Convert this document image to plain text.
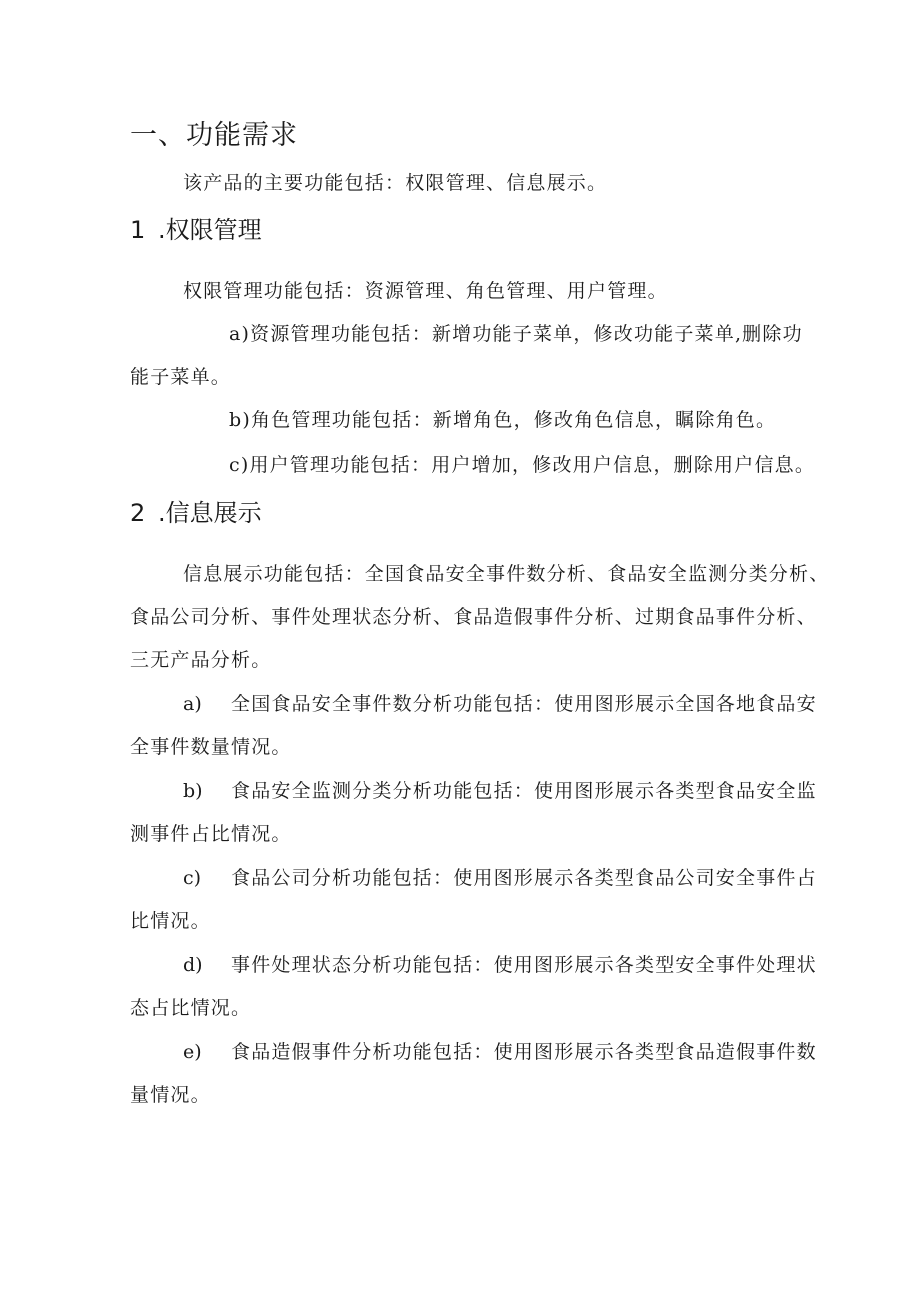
一、功能需求
该产品的主要功能包括：权限管理、信息展示。
1 .权限管理
权限管理功能包括：资源管理、角色管理、用户管理。
a)资源管理功能包括：新增功能子菜单，修改功能子菜单,删除功
能子菜单。
b)角色管理功能包括：新增角色，修改角色信息，瞩除角色。
c)用户管理功能包括：用户增加，修改用户信息，删除用户信息。
2 .信息展示
信息展示功能包括：全国食品安全事件数分析、食品安全监测分类分析、
食品公司分析、事件处理状态分析、食品造假事件分析、过期食品事件分析、
三无产品分析。
a) 全国食品安全事件数分析功能包括：使用图形展示全国各地食品安
全事件数量情况。
b) 食品安全监测分类分析功能包括：使用图形展示各类型食品安全监
测事件占比情况。
c) 食品公司分析功能包括：使用图形展示各类型食品公司安全事件占
比情况。
d) 事件处理状态分析功能包括：使用图形展示各类型安全事件处理状
态占比情况。
e) 食品造假事件分析功能包括：使用图形展示各类型食品造假事件数
量情况。
